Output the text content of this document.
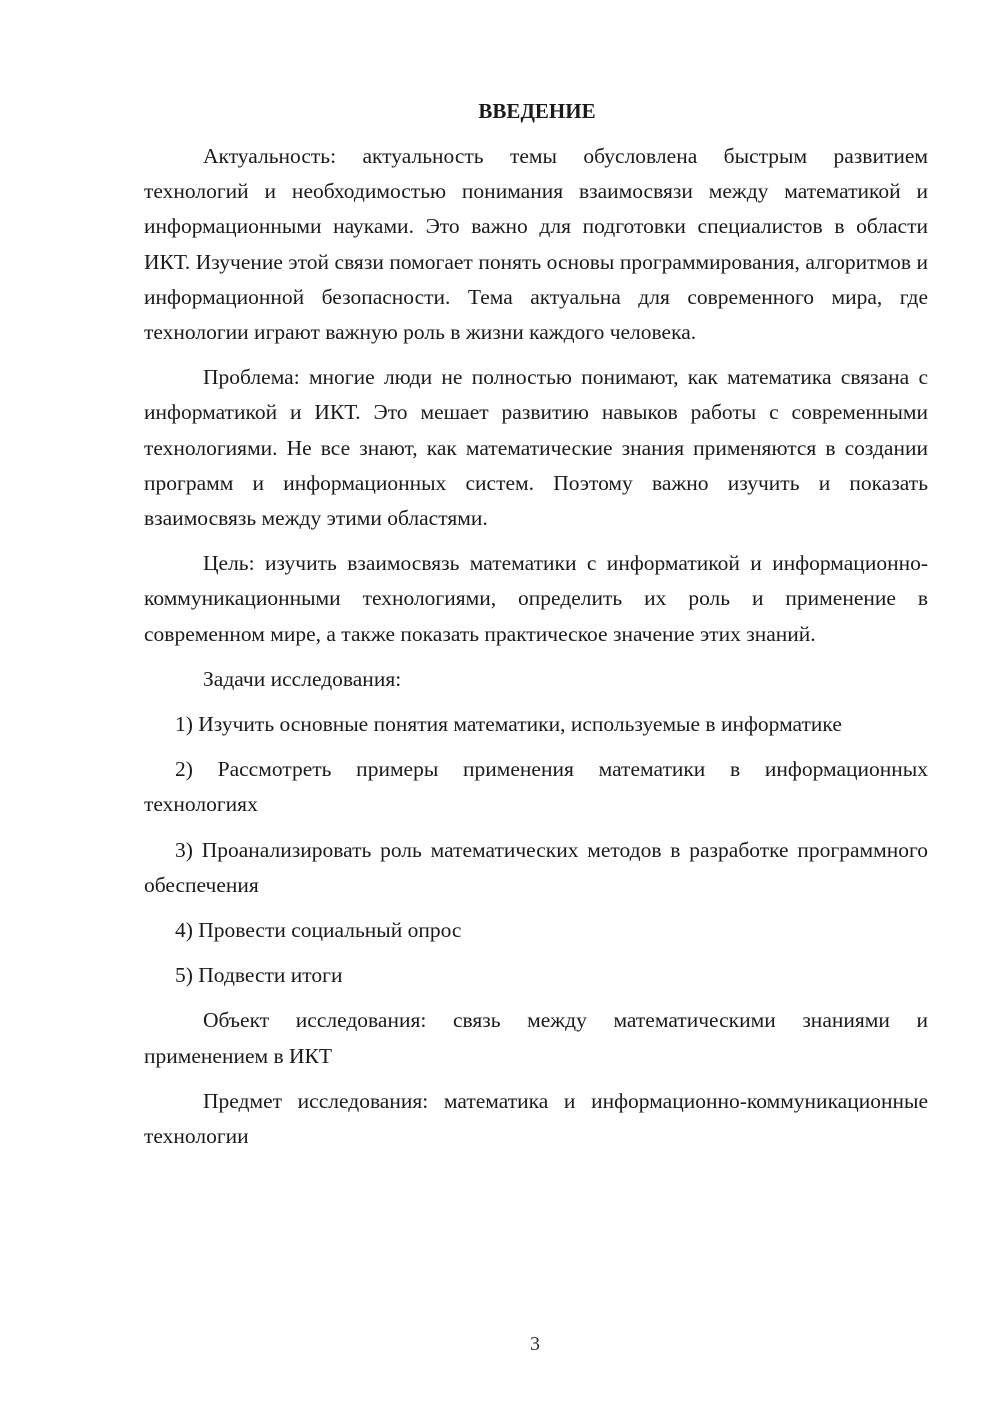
ВВЕДЕНИЕ

Актуальность: актуальность темы обусловлена быстрым развитием технологий и необходимостью понимания взаимосвязи между математикой и информационными науками. Это важно для подготовки специалистов в области ИКТ. Изучение этой связи помогает понять основы программирования, алгоритмов и информационной безопасности. Тема актуальна для современного мира, где технологии играют важную роль в жизни каждого человека.

Проблема: многие люди не полностью понимают, как математика связана с информатикой и ИКТ. Это мешает развитию навыков работы с современными технологиями. Не все знают, как математические знания применяются в создании программ и информационных систем. Поэтому важно изучить и показать взаимосвязь между этими областями.

Цель: изучить взаимосвязь математики с информатикой и информационно-коммуникационными технологиями, определить их роль и применение в современном мире, а также показать практическое значение этих знаний.

Задачи исследования:

1) Изучить основные понятия математики, используемые в информатике

2) Рассмотреть примеры применения математики в информационных технологиях

3) Проанализировать роль математических методов в разработке программного обеспечения

4) Провести социальный опрос

5) Подвести итоги

Объект исследования: связь между математическими знаниями и применением в ИКТ

Предмет исследования: математика и информационно-коммуникационные технологии

3
